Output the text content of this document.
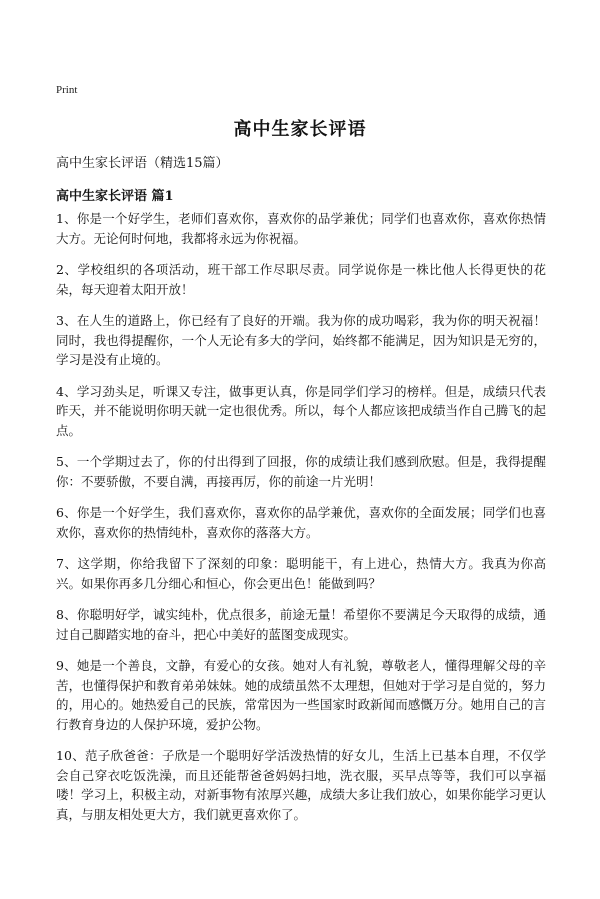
Print
高中生家长评语
高中生家长评语（精选15篇）
高中生家长评语 篇1

1、你是一个好学生，老师们喜欢你，喜欢你的品学兼优；同学们也喜欢你，喜欢你热情大方。无论何时何地，我都将永远为你祝福。

2、学校组织的各项活动，班干部工作尽职尽责。同学说你是一株比他人长得更快的花朵，每天迎着太阳开放！

3、在人生的道路上，你已经有了良好的开端。我为你的成功喝彩，我为你的明天祝福！同时，我也得提醒你，一个人无论有多大的学问，始终都不能满足，因为知识是无穷的，学习是没有止境的。

4、学习劲头足，听课又专注，做事更认真，你是同学们学习的榜样。但是，成绩只代表昨天，并不能说明你明天就一定也很优秀。所以，每个人都应该把成绩当作自己腾飞的起点。

5、一个学期过去了，你的付出得到了回报，你的成绩让我们感到欣慰。但是，我得提醒你：不要骄傲，不要自满，再接再厉，你的前途一片光明！

6、你是一个好学生，我们喜欢你，喜欢你的品学兼优，喜欢你的全面发展；同学们也喜欢你，喜欢你的热情纯朴，喜欢你的落落大方。

7、这学期，你给我留下了深刻的印象：聪明能干，有上进心，热情大方。我真为你高兴。如果你再多几分细心和恒心，你会更出色！能做到吗？

8、你聪明好学，诚实纯朴，优点很多，前途无量！希望你不要满足今天取得的成绩，通过自己脚踏实地的奋斗，把心中美好的蓝图变成现实。

9、她是一个善良，文静，有爱心的女孩。她对人有礼貌，尊敬老人，懂得理解父母的辛苦，也懂得保护和教育弟弟妹妹。她的成绩虽然不太理想，但她对于学习是自觉的，努力的，用心的。她热爱自己的民族，常常因为一些国家时政新闻而感慨万分。她用自己的言行教育身边的人保护环境，爱护公物。

10、范子欣爸爸：子欣是一个聪明好学活泼热情的好女儿，生活上已基本自理，不仅学会自己穿衣吃饭洗澡，而且还能帮爸爸妈妈扫地，洗衣服，买早点等等，我们可以享福喽！学习上，积极主动，对新事物有浓厚兴趣，成绩大多让我们放心，如果你能学习更认真，与朋友相处更大方，我们就更喜欢你了。
